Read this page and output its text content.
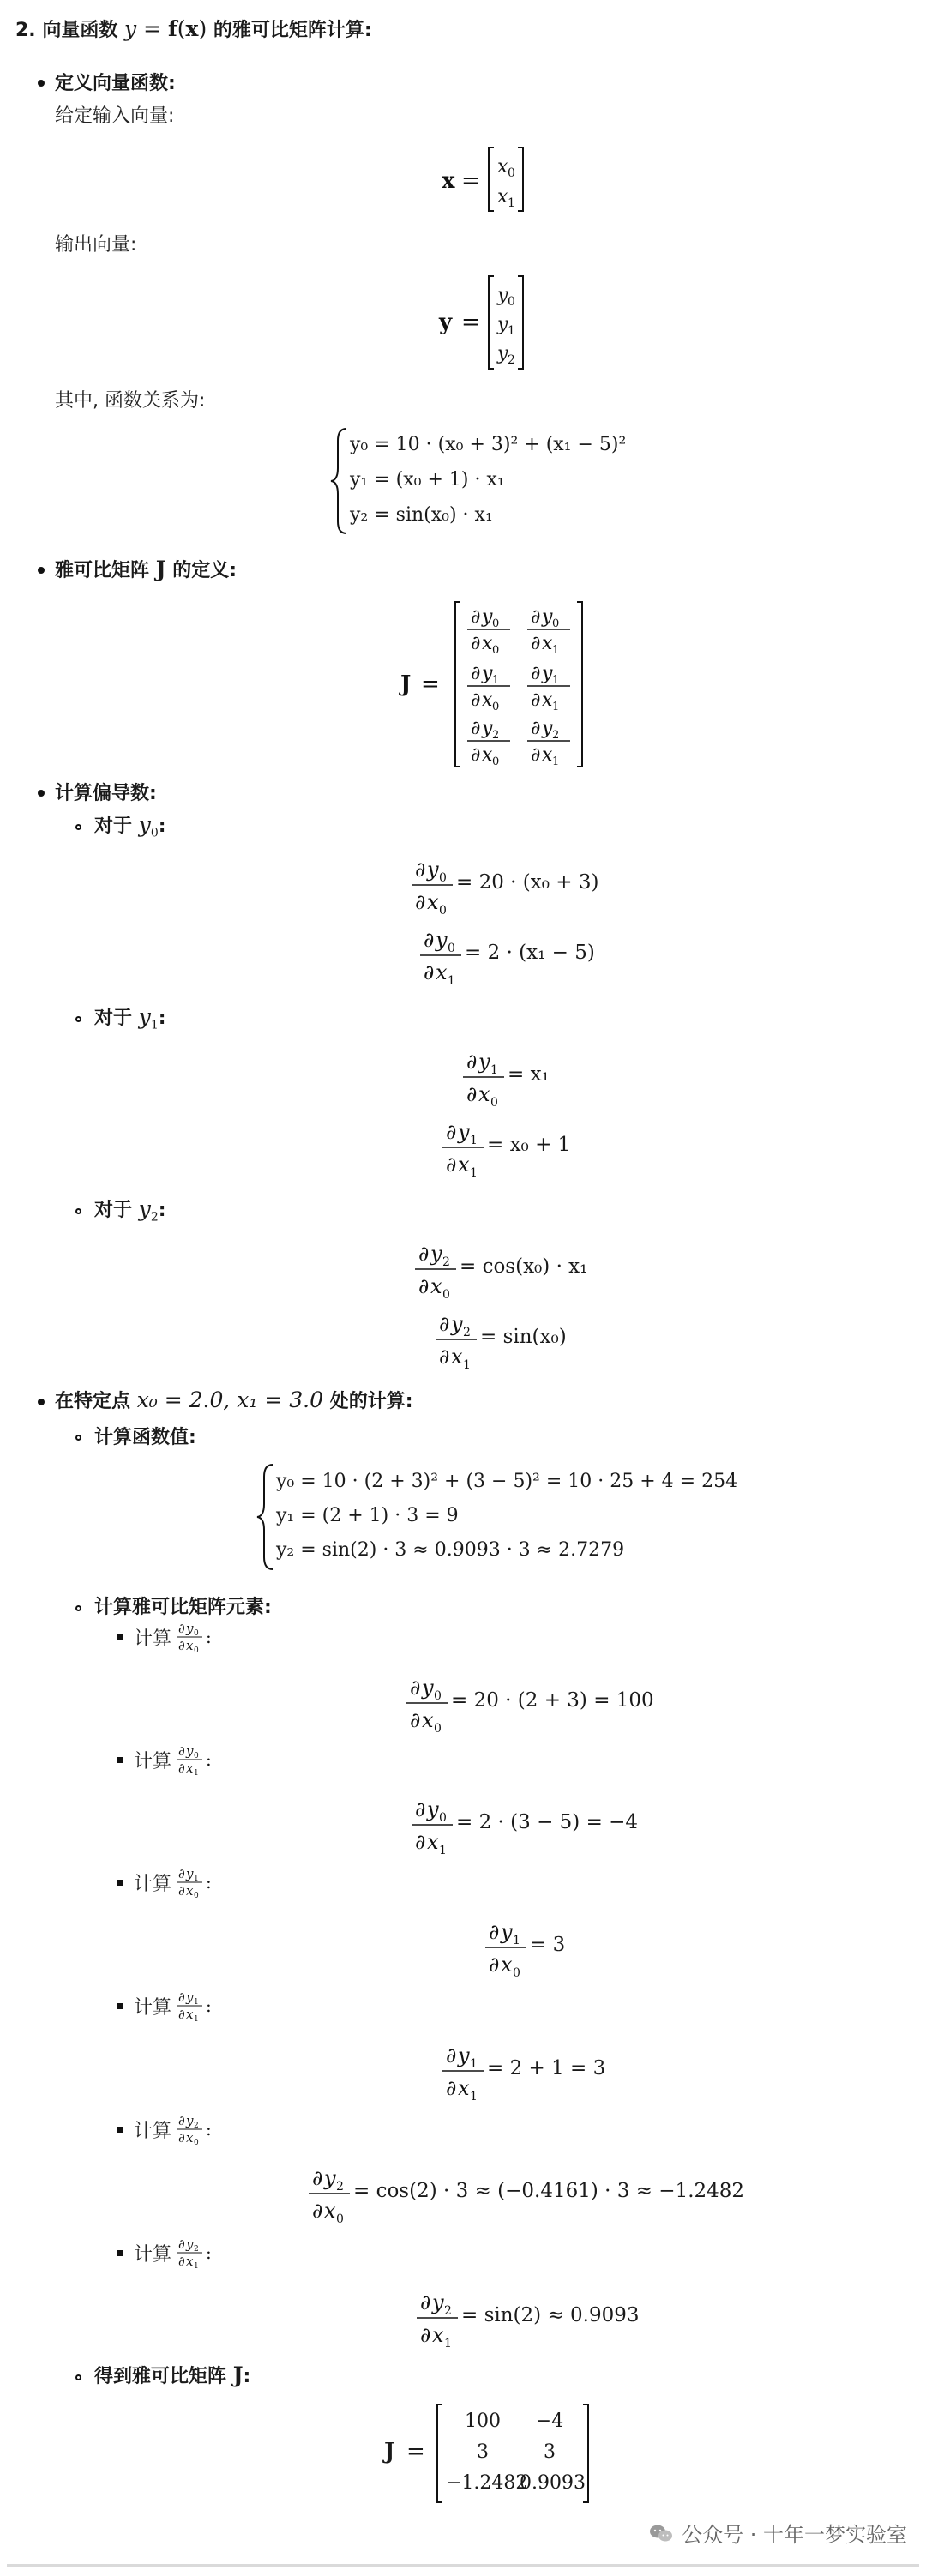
2. 向量函数 y = f(x) 的雅可比矩阵计算:
定义向量函数:
给定输入向量:
x =
x 0
x 1
输出向量:
y =
y 0
y 1
y 2
其中, 函数关系为:
y₀ = 10 · (x₀ + 3)² + (x₁ − 5)²
y₁ = (x₀ + 1) · x₁
y₂ = sin(x₀) · x₁
雅可比矩阵 J 的定义:
J =
∂ y 0
∂ x 0
∂ y 0
∂ x 1
∂ y 1
∂ x 0
∂ y 1
∂ x 1
∂ y 2
∂ x 0
∂ y 2
∂ x 1
计算偏导数:
对于 $y_0$:
∂ y 0
∂ x 0
= 20 · (x₀ + 3)
∂ y 0
∂ x 1
= 2 · (x₁ − 5)
对于 $y_1$:
∂ y 1
∂ x 0
= x₁
∂ y 1
∂ x 1
= x₀ + 1
对于 $y_2$:
∂ y 2
∂ x 0
= cos(x₀) · x₁
∂ y 2
∂ x 1
= sin(x₀)
在特定点 x₀ = 2.0, x₁ = 3.0 处的计算:
计算函数值:
y₀ = 10 · (2 + 3)² + (3 − 5)² = 10 · 25 + 4 = 254
y₁ = (2 + 1) · 3 = 9
y₂ = sin(2) · 3 ≈ 0.9093 · 3 ≈ 2.7279
计算雅可比矩阵元素:
计算 ∂ y 0
∂ x 0
:
∂ y 0
∂ x 0
= 20 · (2 + 3) = 100
计算 ∂ y 0
∂ x 1
:
∂ y 0
∂ x 1
= 2 · (3 − 5) = −4
计算 ∂ y 1
∂ x 0
:
∂ y 1
∂ x 0
= 3
计算 ∂ y 1
∂ x 1
:
∂ y 1
∂ x 1
= 2 + 1 = 3
计算 ∂ y 2
∂ x 0
:
∂ y 2
∂ x 0
= cos(2) · 3 ≈ (−0.4161) · 3 ≈ −1.2482
计算 ∂ y 2
∂ x 1
:
∂ y 2
∂ x 1
= sin(2) ≈ 0.9093
得到雅可比矩阵 J:
J =
100	−4
3	3
−1.2482
0.9093
公众号 · 十年一梦实验室
